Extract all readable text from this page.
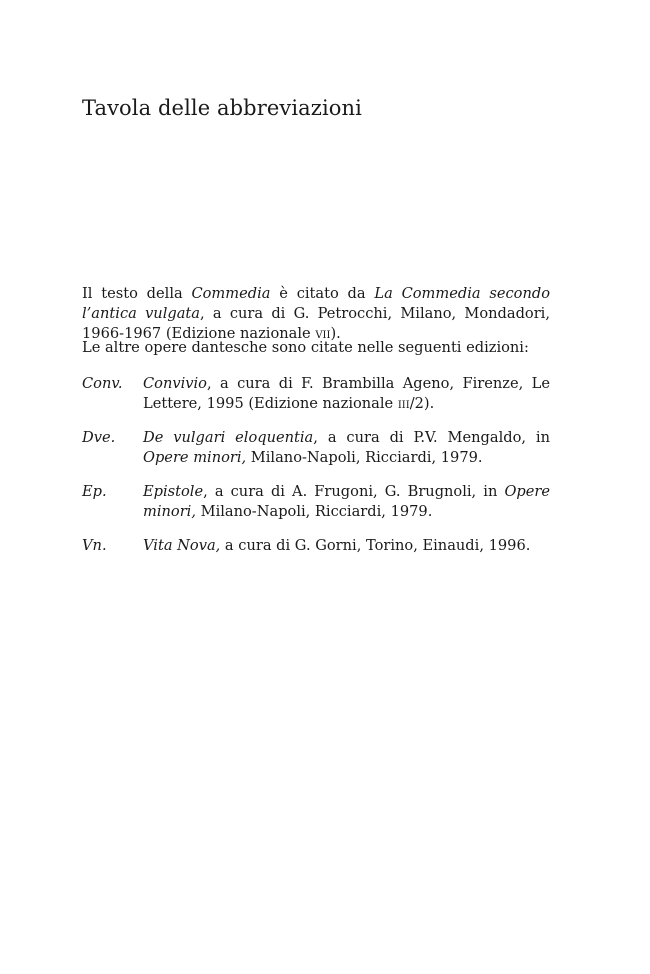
Tavola delle abbreviazioni

Il testo della Commedia è citato da La Commedia secondo l’antica vulgata, a cura di G. Petrocchi, Milano, Mondadori, 1966-1967 (Edizione nazionale vii).

Le altre opere dantesche sono citate nelle seguenti edizioni:

Conv. Convivio, a cura di F. Brambilla Ageno, Firenze, Le Lettere, 1995 (Edizione nazionale iii/2).
Dve. De vulgari eloquentia, a cura di P.V. Mengaldo, in Opere minori, Milano-Napoli, Ricciardi, 1979.
Ep. Epistole, a cura di A. Frugoni, G. Brugnoli, in Opere minori, Milano-Napoli, Ricciardi, 1979.
Vn. Vita Nova, a cura di G. Gorni, Torino, Einaudi, 1996.
